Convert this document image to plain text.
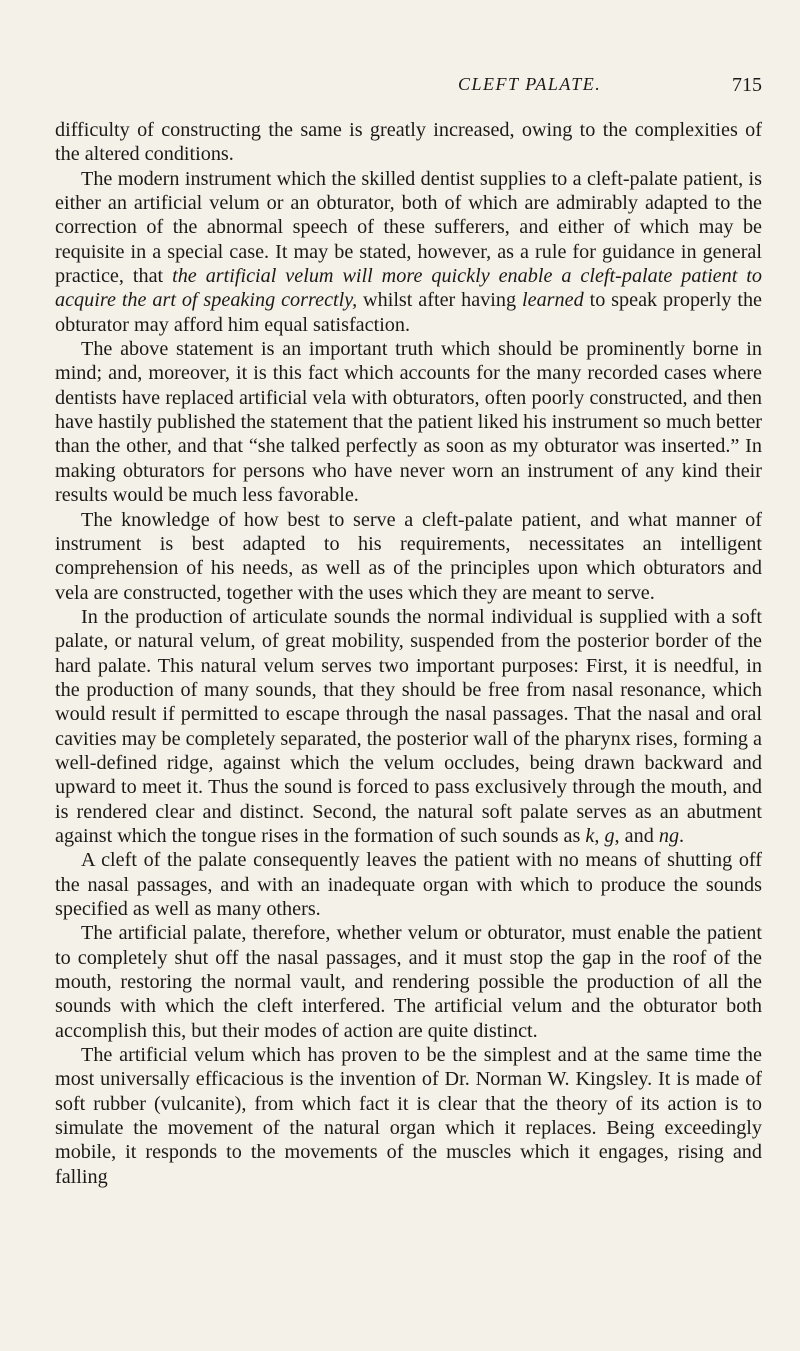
CLEFT PALATE.	715

difficulty of constructing the same is greatly increased, owing to the complexities of the altered conditions.

The modern instrument which the skilled dentist supplies to a cleft-palate patient, is either an artificial velum or an obturator, both of which are admirably adapted to the correction of the abnormal speech of these sufferers, and either of which may be requisite in a special case. It may be stated, however, as a rule for guidance in general practice, that the artificial velum will more quickly enable a cleft-palate patient to acquire the art of speaking correctly, whilst after having learned to speak properly the obturator may afford him equal satisfaction.

The above statement is an important truth which should be prominently borne in mind; and, moreover, it is this fact which accounts for the many recorded cases where dentists have replaced artificial vela with obturators, often poorly constructed, and then have hastily published the statement that the patient liked his instrument so much better than the other, and that “she talked perfectly as soon as my obturator was inserted.” In making obturators for persons who have never worn an instrument of any kind their results would be much less favorable.

The knowledge of how best to serve a cleft-palate patient, and what manner of instrument is best adapted to his requirements, necessitates an intelligent comprehension of his needs, as well as of the principles upon which obturators and vela are constructed, together with the uses which they are meant to serve.

In the production of articulate sounds the normal individual is supplied with a soft palate, or natural velum, of great mobility, suspended from the posterior border of the hard palate. This natural velum serves two important purposes: First, it is needful, in the production of many sounds, that they should be free from nasal resonance, which would result if permitted to escape through the nasal passages. That the nasal and oral cavities may be completely separated, the posterior wall of the pharynx rises, forming a well-defined ridge, against which the velum occludes, being drawn backward and upward to meet it. Thus the sound is forced to pass exclusively through the mouth, and is rendered clear and distinct. Second, the natural soft palate serves as an abutment against which the tongue rises in the formation of such sounds as k, g, and ng.

A cleft of the palate consequently leaves the patient with no means of shutting off the nasal passages, and with an inadequate organ with which to produce the sounds specified as well as many others.

The artificial palate, therefore, whether velum or obturator, must enable the patient to completely shut off the nasal passages, and it must stop the gap in the roof of the mouth, restoring the normal vault, and rendering possible the production of all the sounds with which the cleft interfered. The artificial velum and the obturator both accomplish this, but their modes of action are quite distinct.

The artificial velum which has proven to be the simplest and at the same time the most universally efficacious is the invention of Dr. Norman W. Kingsley. It is made of soft rubber (vulcanite), from which fact it is clear that the theory of its action is to simulate the movement of the natural organ which it replaces. Being exceedingly mobile, it responds to the movements of the muscles which it engages, rising and falling
